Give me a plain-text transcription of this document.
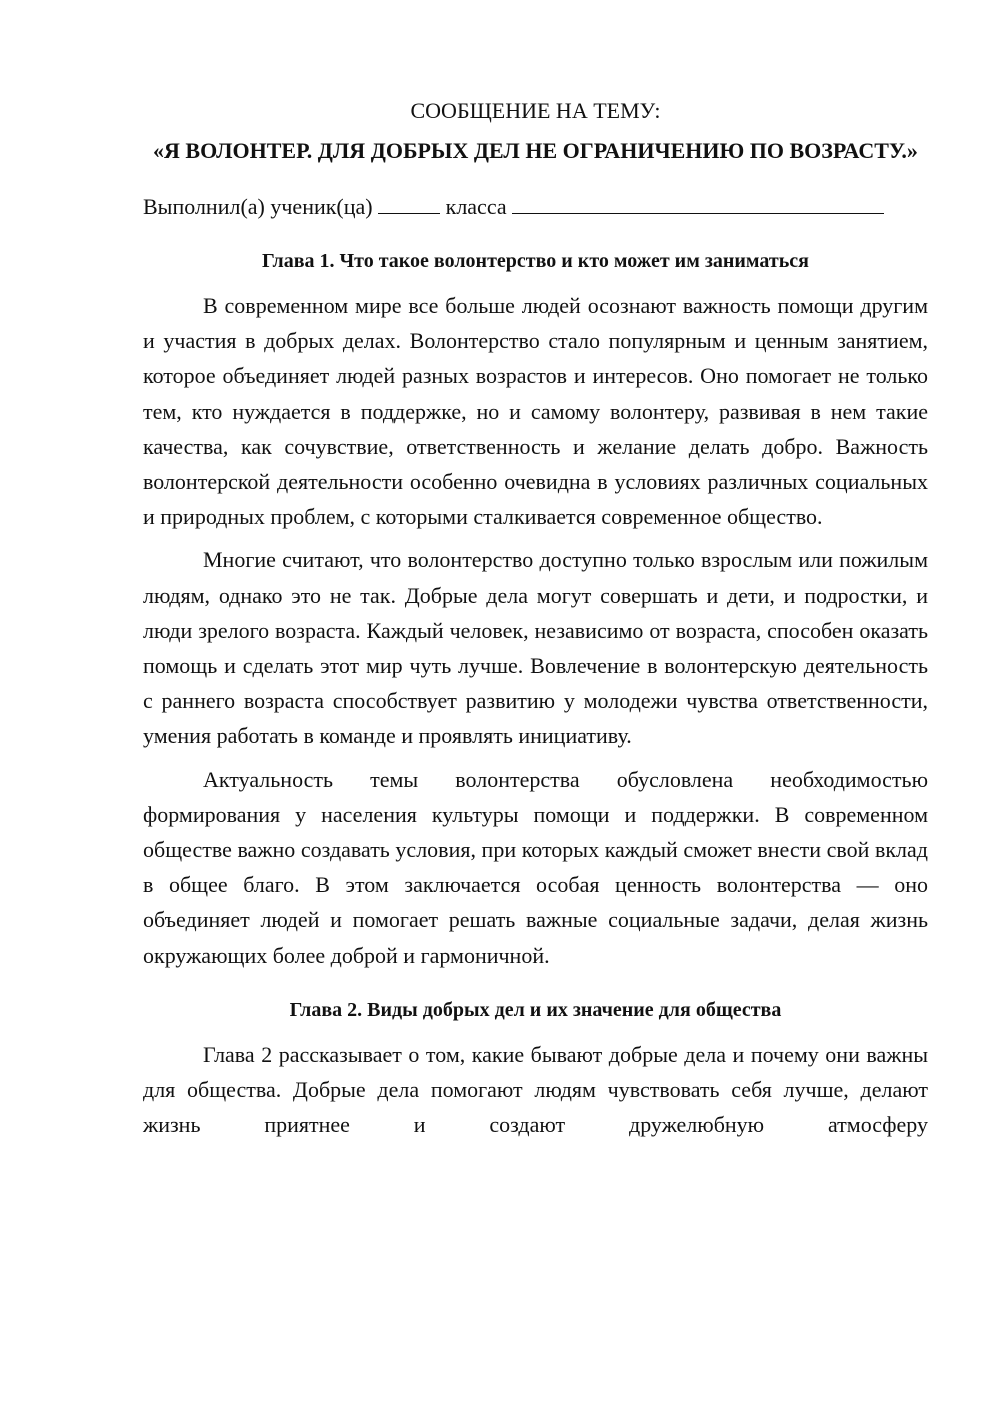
СООБЩЕНИЕ НА ТЕМУ:

«Я ВОЛОНТЕР. ДЛЯ ДОБРЫХ ДЕЛ НЕ ОГРАНИЧЕНИЮ ПО ВОЗРАСТУ.»

Выполнил(а) ученик(ца)	класса

Глава 1. Что такое волонтерство и кто может им заниматься

В современном мире все больше людей осознают важность помощи другим и участия в добрых делах. Волонтерство стало популярным и ценным занятием, которое объединяет людей разных возрастов и интересов. Оно помогает не только тем, кто нуждается в поддержке, но и самому волонтеру, развивая в нем такие качества, как сочувствие, ответственность и желание делать добро. Важность волонтерской деятельности особенно очевидна в условиях различных социальных и природных проблем, с которыми сталкивается современное общество.

Многие считают, что волонтерство доступно только взрослым или пожилым людям, однако это не так. Добрые дела могут совершать и дети, и подростки, и люди зрелого возраста. Каждый человек, независимо от возраста, способен оказать помощь и сделать этот мир чуть лучше. Вовлечение в волонтерскую деятельность с раннего возраста способствует развитию у молодежи чувства ответственности, умения работать в команде и проявлять инициативу.

Актуальность темы волонтерства обусловлена необходимостью формирования у населения культуры помощи и поддержки. В современном обществе важно создавать условия, при которых каждый сможет внести свой вклад в общее благо. В этом заключается особая ценность волонтерства — оно объединяет людей и помогает решать важные социальные задачи, делая жизнь окружающих более доброй и гармоничной.

Глава 2. Виды добрых дел и их значение для общества

Глава 2 рассказывает о том, какие бывают добрые дела и почему они важны для общества. Добрые дела помогают людям чувствовать себя лучше, делают жизнь приятнее и создают дружелюбную атмосферу
